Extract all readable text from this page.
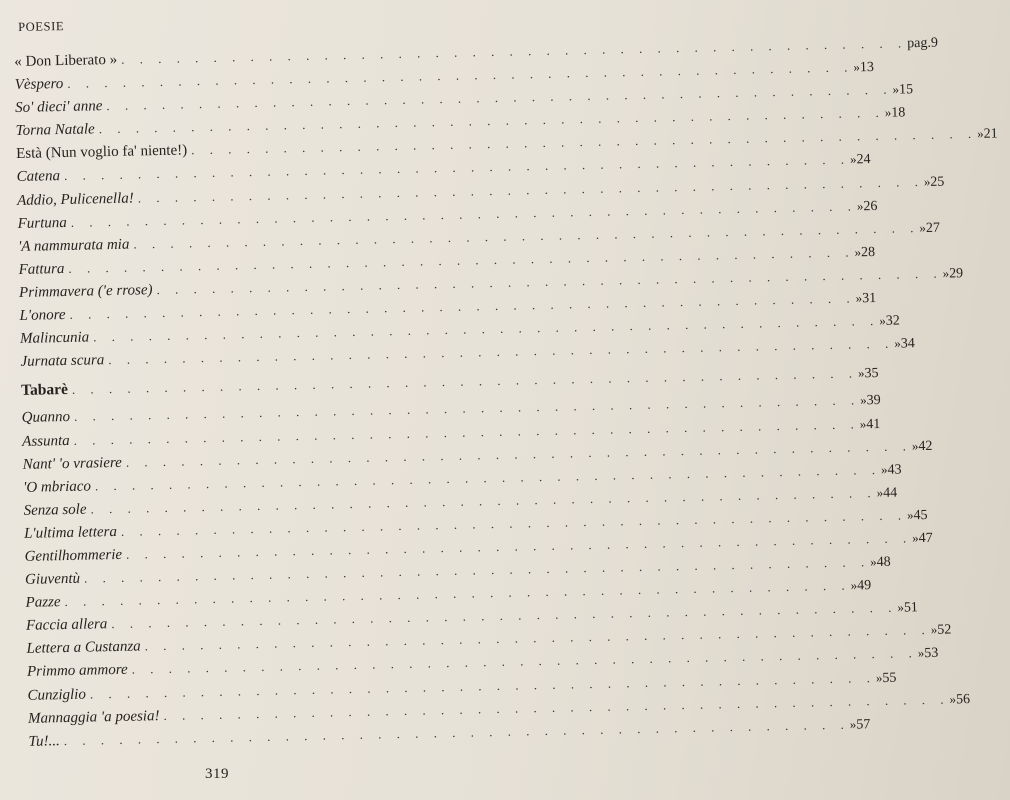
POESIE
« Don Liberato »
. . .
pag. 9
Vèspero
. . .
» 13
So' dieci' anne
. . .
» 15
Torna Natale
. . .
» 18
Està (Nun voglio fa' niente!)
. . .
» 21
Catena
. . .
» 24
Addio, Pulicenella!
. . .
» 25
Furtuna
. . .
» 26
'A nammurata mia
. . .
» 27
Fattura
. . .
» 28
Primmavera ('e rrose)
. . .
» 29
L'onore
. . .
» 31
Malincunia
. . .
» 32
Jurnata scura
. . .
» 34
Tabarè
. . .
» 35
Quanno
. . .
» 39
Assunta
. . .
» 41
Nant' 'o vrasiere
. . .
» 42
'O mbriaco
. . .
» 43
Senza sole
. . .
» 44
L'ultima lettera
. . .
» 45
Gentilhommerie
. . .
» 47
Giuventù
. . .
» 48
Pazze
. . .
» 49
Faccia allera
. . .
» 51
Lettera a Custanza
. . .
» 52
Primmo ammore
. . .
» 53
Cunziglio
. . .
» 55
Mannaggia 'a poesia!
. . .
» 56
Tu!...
. . .
» 57
319
